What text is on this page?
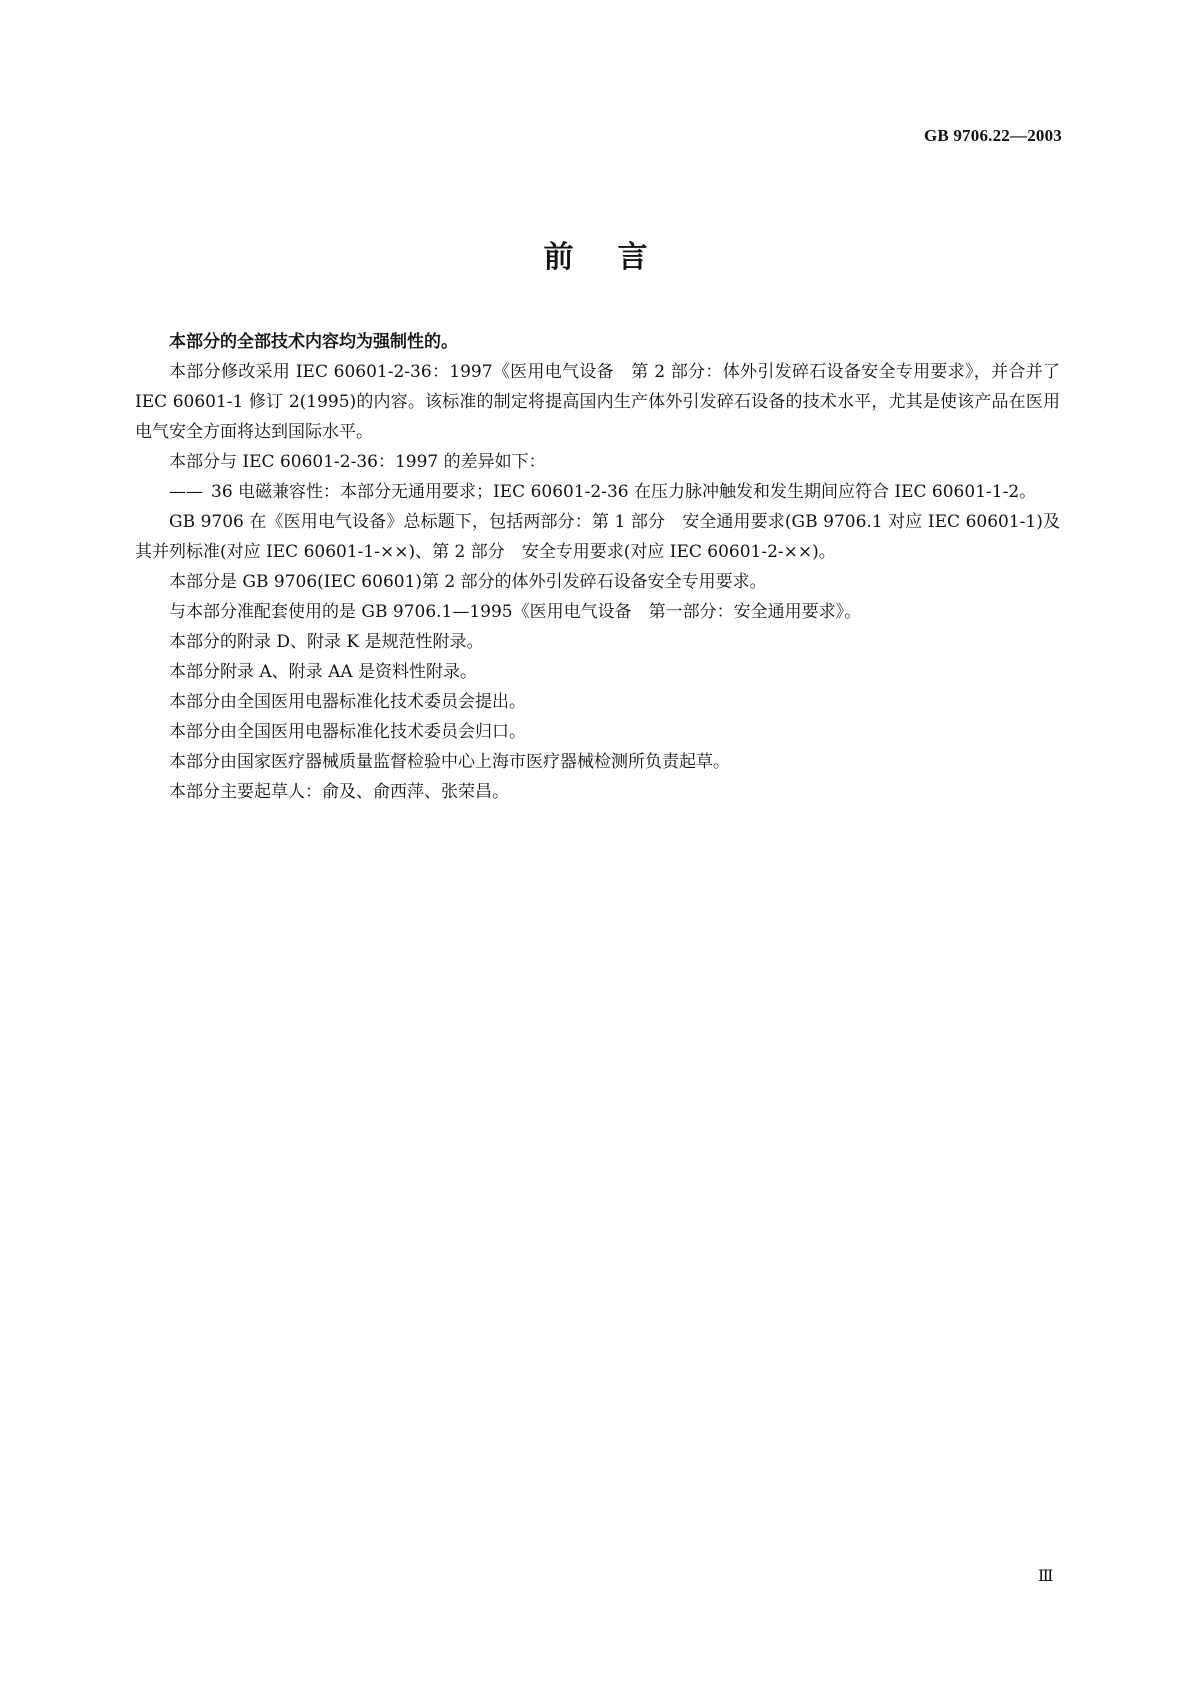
GB 9706.22—2003
前言

本部分的全部技术内容均为强制性的。

本部分修改采用 IEC 60601-2-36：1997《医用电气设备　第 2 部分：体外引发碎石设备安全专用要求》，并合并了 IEC 60601-1 修订 2(1995)的内容。该标准的制定将提高国内生产体外引发碎石设备的技术水平，尤其是使该产品在医用电气安全方面将达到国际水平。

本部分与 IEC 60601-2-36：1997 的差异如下：

—— 36 电磁兼容性：本部分无通用要求；IEC 60601-2-36 在压力脉冲触发和发生期间应符合 IEC 60601-1-2。

GB 9706 在《医用电气设备》总标题下，包括两部分：第 1 部分　安全通用要求(GB 9706.1 对应 IEC 60601-1)及其并列标准(对应 IEC 60601-1-××)、第 2 部分　安全专用要求(对应 IEC 60601-2-××)。

本部分是 GB 9706(IEC 60601)第 2 部分的体外引发碎石设备安全专用要求。

与本部分准配套使用的是 GB 9706.1—1995《医用电气设备　第一部分：安全通用要求》。

本部分的附录 D、附录 K 是规范性附录。

本部分附录 A、附录 AA 是资料性附录。

本部分由全国医用电器标准化技术委员会提出。

本部分由全国医用电器标准化技术委员会归口。

本部分由国家医疗器械质量监督检验中心上海市医疗器械检测所负责起草。

本部分主要起草人：俞及、俞西萍、张荣昌。

Ⅲ
